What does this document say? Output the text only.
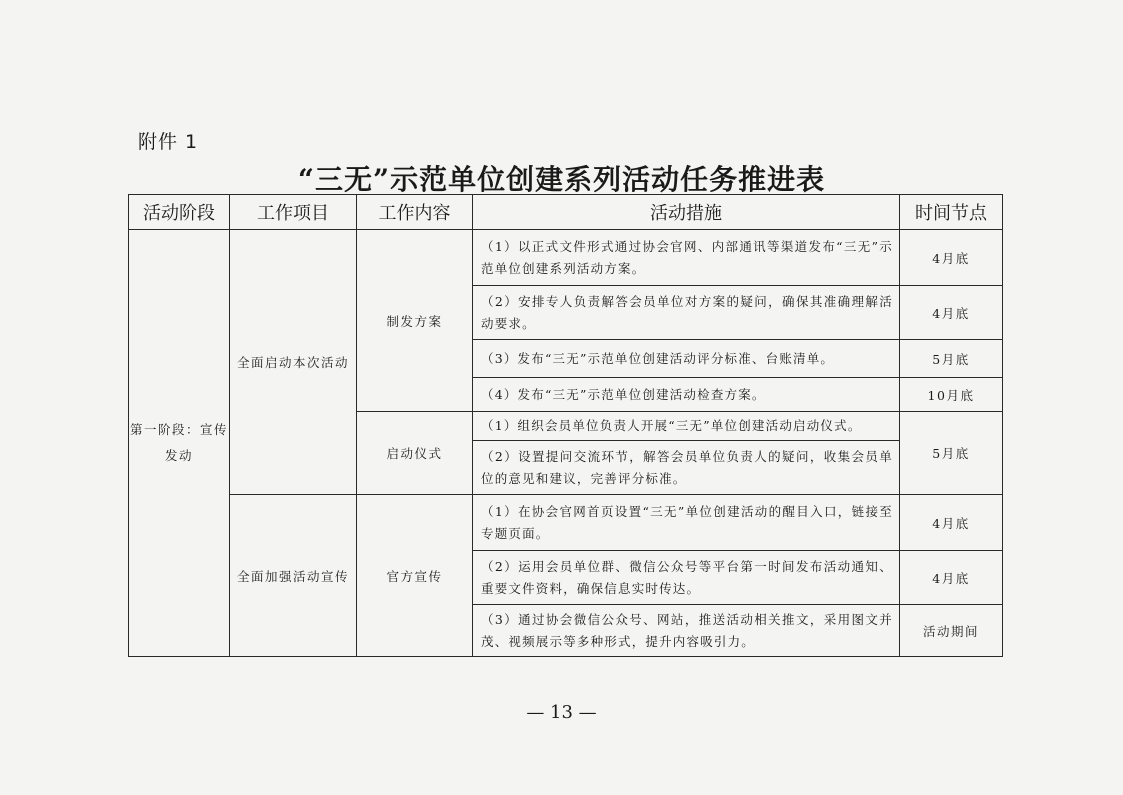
附件 1
“三无”示范单位创建系列活动任务推进表
活动阶段	工作项目	工作内容	活动措施	时间节点
第一阶段：宣传发动	全面启动本次活动	制发方案	（1）以正式文件形式通过协会官网、内部通讯等渠道发布“三无”示范单位创建系列活动方案。	4月底
			（2）安排专人负责解答会员单位对方案的疑问，确保其准确理解活动要求。	4月底
			（3）发布“三无”示范单位创建活动评分标准、台账清单。	5月底
			（4）发布“三无”示范单位创建活动检查方案。	10月底
		启动仪式	（1）组织会员单位负责人开展“三无”单位创建活动启动仪式。	5月底
			（2）设置提问交流环节，解答会员单位负责人的疑问，收集会员单位的意见和建议，完善评分标准。	
	全面加强活动宣传	官方宣传	（1）在协会官网首页设置“三无”单位创建活动的醒目入口，链接至专题页面。	4月底
			（2）运用会员单位群、微信公众号等平台第一时间发布活动通知、重要文件资料，确保信息实时传达。	4月底
			（3）通过协会微信公众号、网站，推送活动相关推文，采用图文并茂、视频展示等多种形式，提升内容吸引力。	活动期间
— 13 —
